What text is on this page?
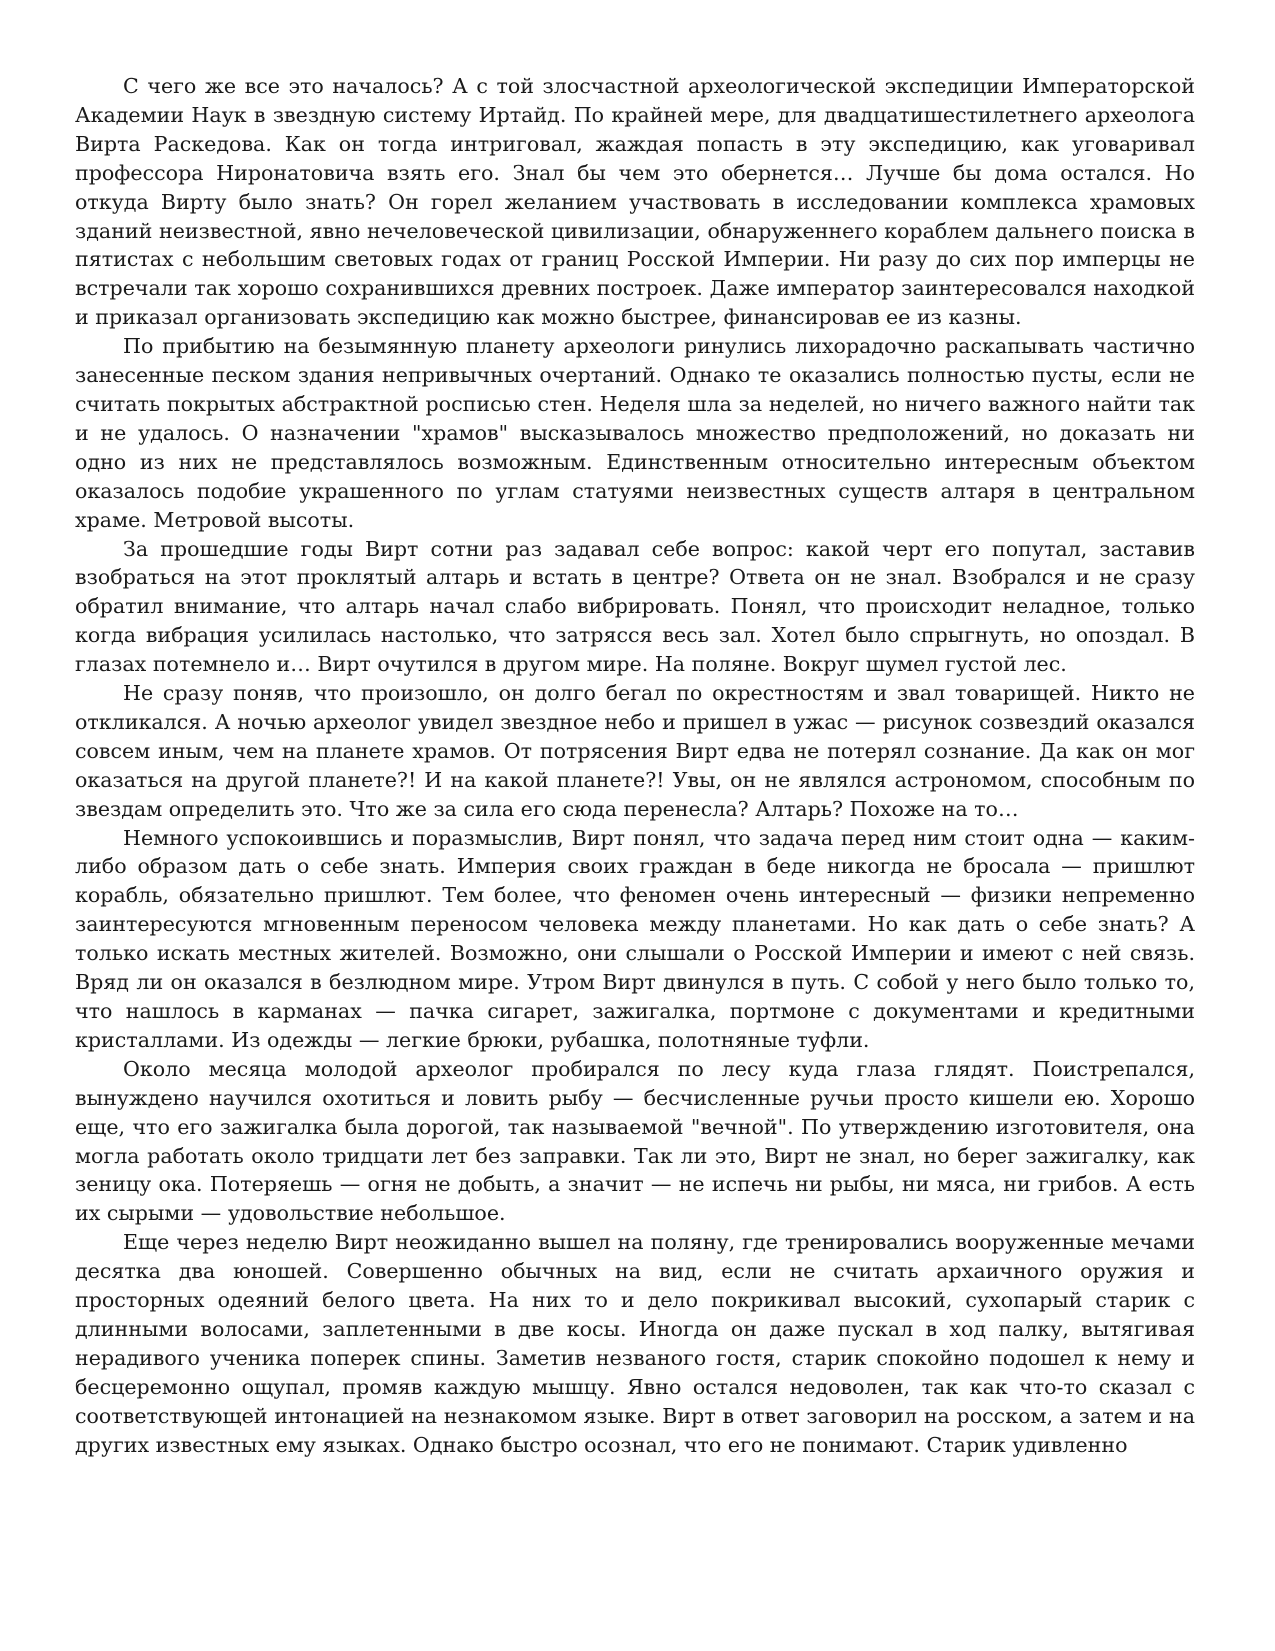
С чего же все это началось? А с той злосчастной археологической экспедиции Императорской Академии Наук в звездную систему Иртайд. По крайней мере, для двадцатишестилетнего археолога Вирта Раскедова. Как он тогда интриговал, жаждая попасть в эту экспедицию, как уговаривал профессора Ниронатовича взять его. Знал бы чем это обернется… Лучше бы дома остался. Но откуда Вирту было знать? Он горел желанием участвовать в исследовании комплекса храмовых зданий неизвестной, явно нечеловеческой цивилизации, обнаруженнего кораблем дальнего поиска в пятистах с небольшим световых годах от границ Росской Империи. Ни разу до сих пор имперцы не встречали так хорошо сохранившихся древних построек. Даже император заинтересовался находкой и приказал организовать экспедицию как можно быстрее, финансировав ее из казны.

По прибытию на безымянную планету археологи ринулись лихорадочно раскапывать частично занесенные песком здания непривычных очертаний. Однако те оказались полностью пусты, если не считать покрытых абстрактной росписью стен. Неделя шла за неделей, но ничего важного найти так и не удалось. О назначении "храмов" высказывалось множество предположений, но доказать ни одно из них не представлялось возможным. Единственным относительно интересным объектом оказалось подобие украшенного по углам статуями неизвестных существ алтаря в центральном храме. Метровой высоты.

За прошедшие годы Вирт сотни раз задавал себе вопрос: какой черт его попутал, заставив взобраться на этот проклятый алтарь и встать в центре? Ответа он не знал. Взобрался и не сразу обратил внимание, что алтарь начал слабо вибрировать. Понял, что происходит неладное, только когда вибрация усилилась настолько, что затрясся весь зал. Хотел было спрыгнуть, но опоздал. В глазах потемнело и… Вирт очутился в другом мире. На поляне. Вокруг шумел густой лес.

Не сразу поняв, что произошло, он долго бегал по окрестностям и звал товарищей. Никто не откликался. А ночью археолог увидел звездное небо и пришел в ужас — рисунок созвездий оказался совсем иным, чем на планете храмов. От потрясения Вирт едва не потерял сознание. Да как он мог оказаться на другой планете?! И на какой планете?! Увы, он не являлся астрономом, способным по звездам определить это. Что же за сила его сюда перенесла? Алтарь? Похоже на то…

Немного успокоившись и поразмыслив, Вирт понял, что задача перед ним стоит одна — каким-либо образом дать о себе знать. Империя своих граждан в беде никогда не бросала — пришлют корабль, обязательно пришлют. Тем более, что феномен очень интересный — физики непременно заинтересуются мгновенным переносом человека между планетами. Но как дать о себе знать? А только искать местных жителей. Возможно, они слышали о Росской Империи и имеют с ней связь. Вряд ли он оказался в безлюдном мире. Утром Вирт двинулся в путь. С собой у него было только то, что нашлось в карманах — пачка сигарет, зажигалка, портмоне с документами и кредитными кристаллами. Из одежды — легкие брюки, рубашка, полотняные туфли.

Около месяца молодой археолог пробирался по лесу куда глаза глядят. Поистрепался, вынуждено научился охотиться и ловить рыбу — бесчисленные ручьи просто кишели ею. Хорошо еще, что его зажигалка была дорогой, так называемой "вечной". По утверждению изготовителя, она могла работать около тридцати лет без заправки. Так ли это, Вирт не знал, но берег зажигалку, как зеницу ока. Потеряешь — огня не добыть, а значит — не испечь ни рыбы, ни мяса, ни грибов. А есть их сырыми — удовольствие небольшое.

Еще через неделю Вирт неожиданно вышел на поляну, где тренировались вооруженные мечами десятка два юношей. Совершенно обычных на вид, если не считать архаичного оружия и просторных одеяний белого цвета. На них то и дело покрикивал высокий, сухопарый старик с длинными волосами, заплетенными в две косы. Иногда он даже пускал в ход палку, вытягивая нерадивого ученика поперек спины. Заметив незваного гостя, старик спокойно подошел к нему и бесцеремонно ощупал, промяв каждую мышцу. Явно остался недоволен, так как что-то сказал с соответствующей интонацией на незнакомом языке. Вирт в ответ заговорил на росском, а затем и на других известных ему языках. Однако быстро осознал, что его не понимают. Старик удивленно
